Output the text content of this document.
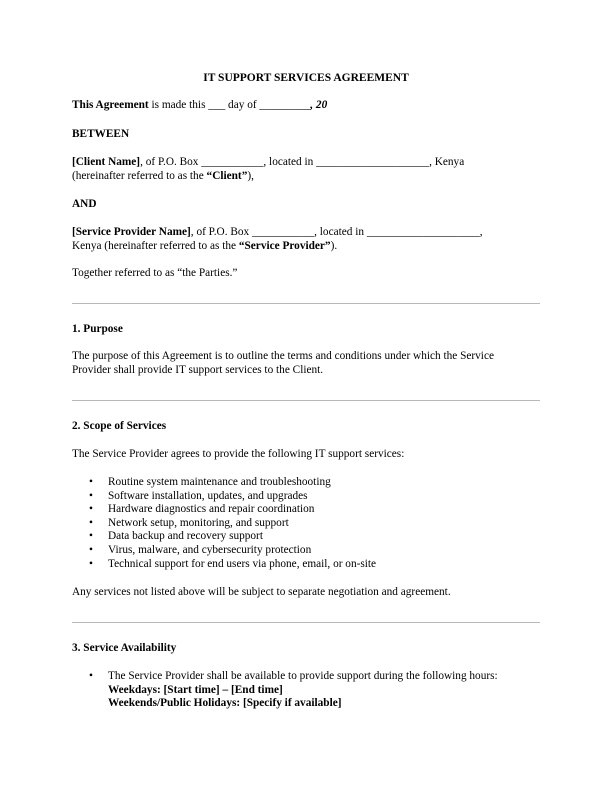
IT SUPPORT SERVICES AGREEMENT
This Agreement is made this ___ day of _________, 20
BETWEEN
[Client Name], of P.O. Box ___________, located in ____________________, Kenya
(hereinafter referred to as the “Client”),
AND
[Service Provider Name], of P.O. Box ___________, located in ____________________,
Kenya (hereinafter referred to as the “Service Provider”).
Together referred to as “the Parties.”
1. Purpose
The purpose of this Agreement is to outline the terms and conditions under which the Service
Provider shall provide IT support services to the Client.
2. Scope of Services
The Service Provider agrees to provide the following IT support services:
• Routine system maintenance and troubleshooting
• Software installation, updates, and upgrades
• Hardware diagnostics and repair coordination
• Network setup, monitoring, and support
• Data backup and recovery support
• Virus, malware, and cybersecurity protection
• Technical support for end users via phone, email, or on-site
Any services not listed above will be subject to separate negotiation and agreement.
3. Service Availability
• The Service Provider shall be available to provide support during the following hours:
Weekdays: [Start time] – [End time]
Weekends/Public Holidays: [Specify if available]
